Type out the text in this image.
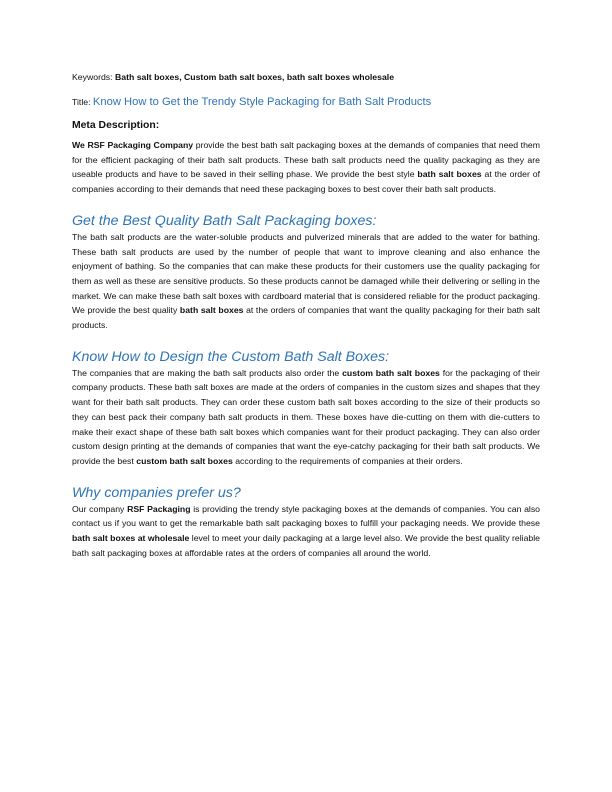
Keywords: Bath salt boxes, Custom bath salt boxes, bath salt boxes wholesale

Title: Know How to Get the Trendy Style Packaging for Bath Salt Products

Meta Description:

We RSF Packaging Company provide the best bath salt packaging boxes at the demands of companies that need them for the efficient packaging of their bath salt products. These bath salt products need the quality packaging as they are useable products and have to be saved in their selling phase. We provide the best style bath salt boxes at the order of companies according to their demands that need these packaging boxes to best cover their bath salt products.

Get the Best Quality Bath Salt Packaging boxes:

The bath salt products are the water-soluble products and pulverized minerals that are added to the water for bathing. These bath salt products are used by the number of people that want to improve cleaning and also enhance the enjoyment of bathing. So the companies that can make these products for their customers use the quality packaging for them as well as these are sensitive products. So these products cannot be damaged while their delivering or selling in the market. We can make these bath salt boxes with cardboard material that is considered reliable for the product packaging. We provide the best quality bath salt boxes at the orders of companies that want the quality packaging for their bath salt products.

Know How to Design the Custom Bath Salt Boxes:

The companies that are making the bath salt products also order the custom bath salt boxes for the packaging of their company products. These bath salt boxes are made at the orders of companies in the custom sizes and shapes that they want for their bath salt products. They can order these custom bath salt boxes according to the size of their products so they can best pack their company bath salt products in them. These boxes have die-cutting on them with die-cutters to make their exact shape of these bath salt boxes which companies want for their product packaging. They can also order custom design printing at the demands of companies that want the eye-catchy packaging for their bath salt products. We provide the best custom bath salt boxes according to the requirements of companies at their orders.

Why companies prefer us?

Our company RSF Packaging is providing the trendy style packaging boxes at the demands of companies. You can also contact us if you want to get the remarkable bath salt packaging boxes to fulfill your packaging needs. We provide these bath salt boxes at wholesale level to meet your daily packaging at a large level also. We provide the best quality reliable bath salt packaging boxes at affordable rates at the orders of companies all around the world.
